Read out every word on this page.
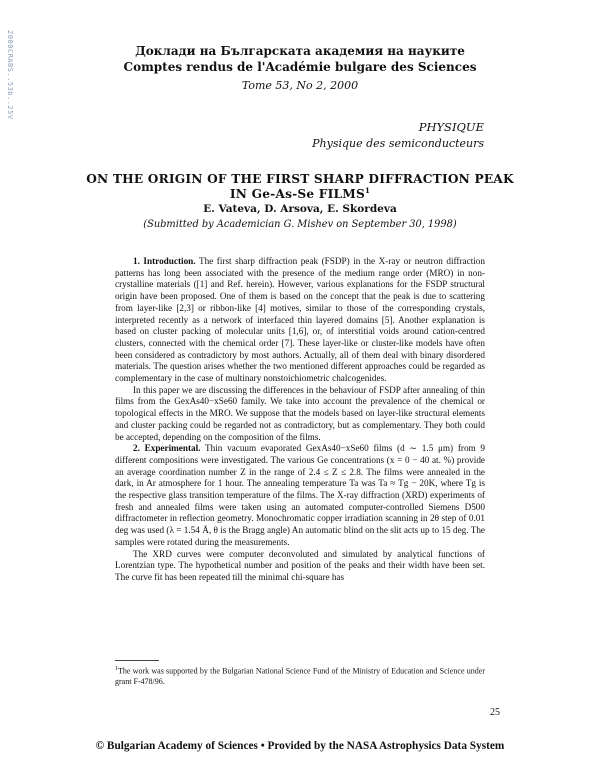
2000CRABS..53b..25V	Доклади на Българската академия на науките
Comptes rendus de l'Académie bulgare des Sciences
Tome 53, No 2, 2000
PHYSIQUE
Physique des semiconducteurs
ON THE ORIGIN OF THE FIRST SHARP DIFFRACTION PEAK
IN Ge-As-Se FILMS$^1$
E. Vateva, D. Arsova, E. Skordeva
(Submitted by Academician G. Mishev on September 30, 1998)

1. Introduction. The first sharp diffraction peak (FSDP) in the X-ray or neutron diffraction patterns has long been associated with the presence of the medium range order (MRO) in non-crystalline materials ([1] and Ref. herein). However, various explanations for the FSDP structural origin have been proposed. One of them is based on the concept that the peak is due to scattering from layer-like [2,3] or ribbon-like [4] motives, similar to those of the corresponding crystals, interpreted recently as a network of interfaced thin layered domains [5]. Another explanation is based on cluster packing of molecular units [1,6], or, of interstitial voids around cation-centred clusters, connected with the chemical order [7]. These layer-like or cluster-like models have often been considered as contradictory by most authors. Actually, all of them deal with binary disordered materials. The question arises whether the two mentioned different approaches could be regarded as complementary in the case of multinary nonstoichiometric chalcogenides.

In this paper we are discussing the differences in the behaviour of FSDP after annealing of thin films from the GexAs40−xSe60 family. We take into account the prevalence of the chemical or topological effects in the MRO. We suppose that the models based on layer-like structural elements and cluster packing could be regarded not as contradictory, but as complementary. They both could be accepted, depending on the composition of the films.

2. Experimental. Thin vacuum evaporated GexAs40−xSe60 films (d ∼ 1.5 μm) from 9 different compositions were investigated. The various Ge concentrations (x = 0 − 40 at. %) provide an average coordination number Z in the range of 2.4 ≤ Z ≤ 2.8. The films were annealed in the dark, in Ar atmosphere for 1 hour. The annealing temperature Ta was Ta ≈ Tg − 20K, where Tg is the respective glass transition temperature of the films. The X-ray diffraction (XRD) experiments of fresh and annealed films were taken using an automated computer-controlled Siemens D500 diffractometer in reflection geometry. Monochromatic copper irradiation scanning in 2θ step of 0.01 deg was used (λ = 1.54 Å, θ is the Bragg angle) An automatic blind on the slit acts up to 15 deg. The samples were rotated during the measurements.

The XRD curves were computer deconvoluted and simulated by analytical functions of Lorentzian type. The hypothetical number and position of the peaks and their width have been set. The curve fit has been repeated till the minimal chi-square has

$^1$The work was supported by the Bulgarian National Science Fund of the Ministry of Education and Science under grant F-478/96.
25
© Bulgarian Academy of Sciences • Provided by the NASA Astrophysics Data System
